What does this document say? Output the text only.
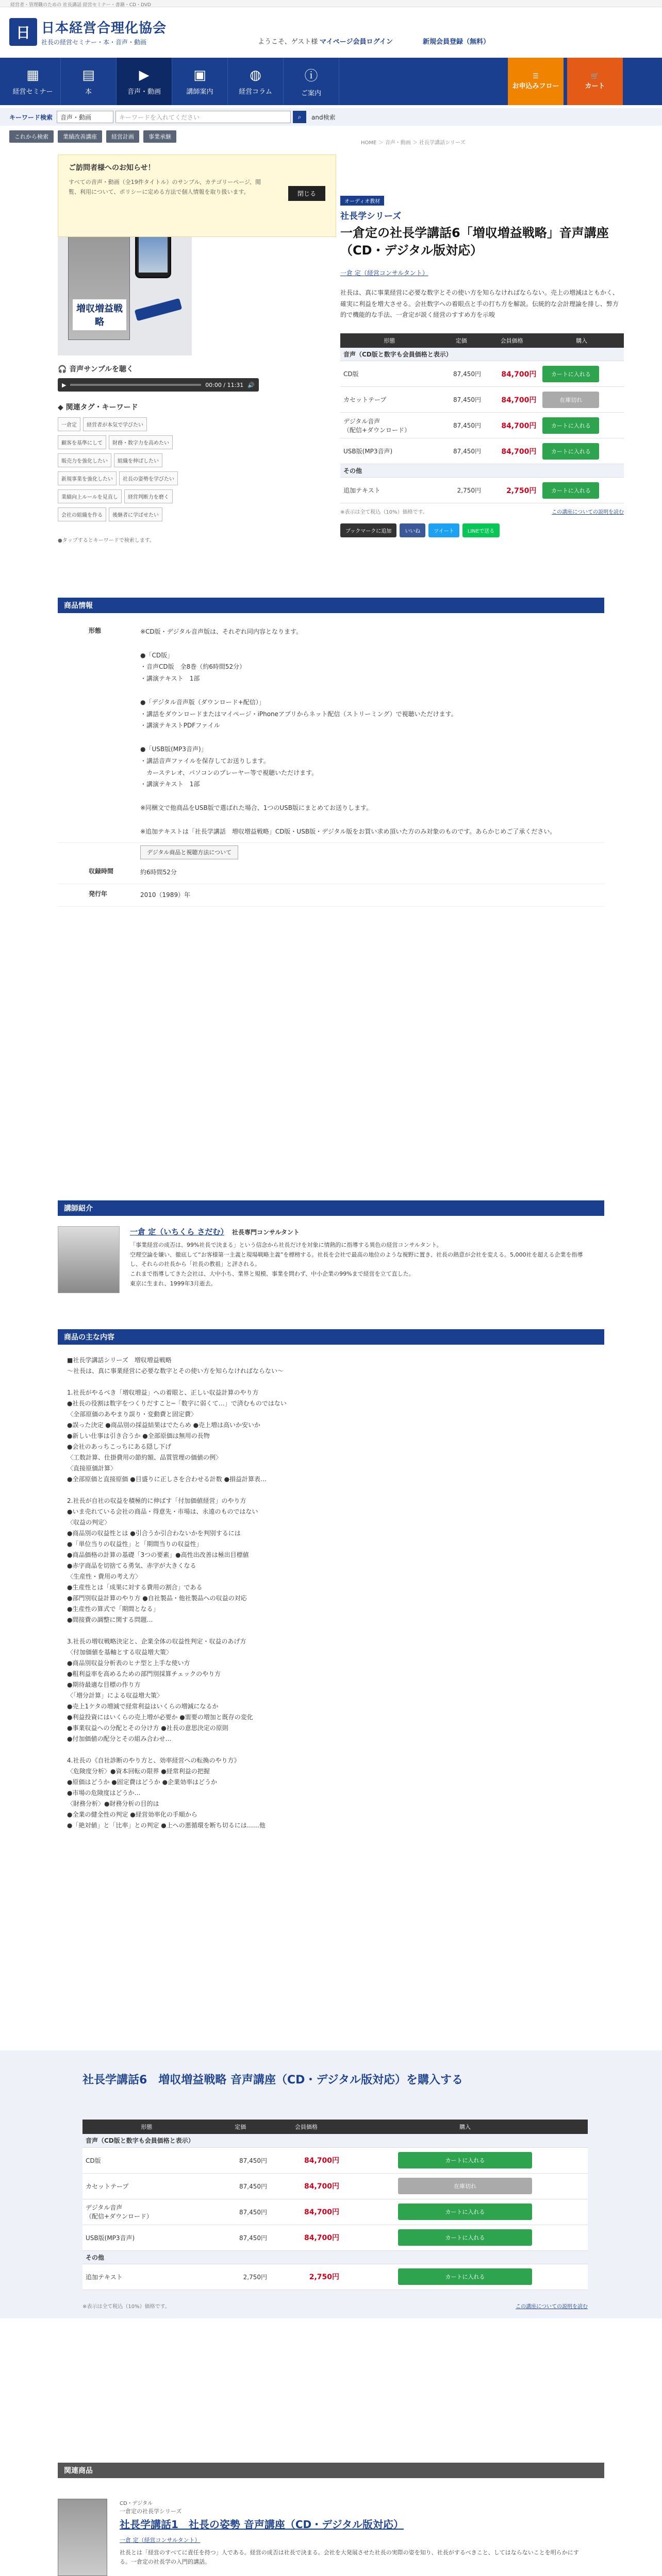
経営者・管理職のための 社長講話 経営セミナー・書籍・CD・DVD
日 日本経営合理化協会
社長の経営セミナー・本・音声・動画	ようこそ、ゲスト様 マイページ会員ログイン	新規会員登録（無料）
▦
経営セミナー
▤
本
▶
音声・動画
▣
講師案内
◍
経営コラム
ⓘ
ご案内
☰
お申込みフロー
🛒
カート
キーワード検索	音声・動画	キーワードを入れてください	⌕ and検索
これから検索	業績改善講座	経営計画	事業承継
HOME ＞ 音声・動画 ＞ 社長学講話シリーズ
増収増益戦略
ご訪問者様へのお知らせ！

すべての音声・動画（全19件タイトル）のサンプル、カテゴリーページ、閲覧、利用について、ポリシーに定める方法で個人情報を取り扱います。	閉じる
🎧 音声サンプルを聴く
▶	00:00 / 11:31 🔊
◆ 関連タグ・キーワード
一倉定 経営者が本気で学びたい 顧客を基準にして 財務・数字力を高めたい 販売力を強化したい 組織を伸ばしたい 新規事業を強化したい 社長の姿勢を学びたい 業績向上ルールを見直し 経営判断力を磨く 会社の組織を作る 後継者に学ばせたい
●タップするとキーワードで検索します。
オーディオ教材
社長学シリーズ
一倉定の社長学講話6「増収増益戦略」音声講座（CD・デジタル版対応）
一倉 定（経営コンサルタント）
社長は、真に事業経営に必要な数字とその使い方を知らなければならない。売上の増減はともかく、確実に利益を増大させる。会社数字への着眼点と手の打ち方を解説。伝統的な会計理論を排し、弊方的で機能的な手法、一倉定が説く経営のすすめ方を示唆
形態	定価	会員価格	購入
音声（CD版と数字も会員価格と表示）			
CD版	87,450円	84,700円	カートに入れる
カセットテープ	87,450円	84,700円	在庫切れ
デジタル音声
（配信+ダウンロード）	87,450円	84,700円	カートに入れる
USB版(MP3音声)	87,450円	84,700円	カートに入れる
その他			
追加テキスト	2,750円	2,750円	カートに入れる
※表示は全て税込（10%）価格です。	この講座についての説明を読む
ブックマークに追加	いいね	ツイート	LINEで送る
商品情報
形態	※CD版・デジタル音声版は、それぞれ同内容となります。

●「CD版」
・音声CD版　全8巻（約6時間52分）
・講演テキスト　1部

●「デジタル音声版（ダウンロード+配信）」
・講話をダウンロードまたはマイページ・iPhoneアプリからネット配信（ストリーミング）で視聴いただけます。
・講演テキストPDFファイル

●「USB版(MP3音声)」
・講話音声ファイルを保存してお送りします。
　カーステレオ、パソコンのプレーヤー等で視聴いただけます。
・講演テキスト　1部

※同梱文で他商品をUSB版で選ばれた場合、1つのUSB版にまとめてお送りします。

※追加テキストは「社長学講話　増収増益戦略」CD版・USB版・デジタル版をお買い求め頂いた方のみ対象のものです。あらかじめご了承ください。
デジタル商品と視聴方法について
収録時間	約6時間52分
発行年	2010（1989）年
講師紹介
一倉 定（いちくら さだむ）　 社長専門コンサルタント
「事業経営の成否は、99%社長で決まる」という信念から社長だけを対象に情熱的に指導する異色の経営コンサルタント。
空理空論を嫌い、徹底して“お客様第一主義と現場戦略主義”を標榜する。社長を会社で最高の地位のような視野に置き、社長の熱意が会社を変える。5,000社を超える企業を指導し、それらの社長から「社長の教祖」と評される。
これまで指導してきた会社は、大中小ち、業界と規模、事業を問わず、中小企業の99%まで経営を立て直した。
東京に生まれ、1999年3月逝去。
商品の主な内容
■社長学講話シリーズ　増収増益戦略
～社長は、真に事業経営に必要な数字とその使い方を知らなければならない～

1.社長がやるべき「増収増益」への着眼と、正しい収益計算のやり方
●社長の役割は数字をつくりだすこと─「数字に弱くて…」で済むものではない
〈全部原価のあやまり誤り・変動費と固定費〉
●誤った決定 ●商品別の採益結果はでたらめ ●売上増は高いか安いか
●新しい仕事は引き合うか ●全部原価は無用の長物
●会社のあっちこっちにある隠し下げ
〈工数計算、仕掛費用の節約額、品質管理の価値の例〉
〈直接原価計算〉
●全部原価と直接原価 ●目盛りに正しさを合わせる計数 ●損益計算表…

2.社長が自社の収益を積極的に伸ばす「付加価値経営」のやり方
●いま売れている会社の商品・得意先・市場は、永遠のものではない
〈収益の判定〉
●商品別の収益性とは ●引合うか引合わないかを判別するには
●「単位当りの収益性」と「期間当りの収益性」
●商品価格の計算の基礎「3つの要素」●高性出改善は極出目標値
●赤字商品を切捨てる勇気、赤字が大きくなる
〈生産性・費用の考え方〉
●生産性とは「成果に対する費用の割合」である
●部門別収益計算のやり方 ●自社製品・他社製品への収益の対応
●生産性の算式で「期間となる」
●間接費の調整に関する問題…

3.社長の増収戦略決定と、企業全体の収益性判定・収益のあげ方
〈付加価値を基軸とする収益増大策〉
●商品別収益分析表のヒナ型と上手な使い方
●粗利益率を高めるための部門別採算チェックのやり方
●期待最適な目標の作り方
〈「増分計算」による収益増大策〉
●売上1ケタの増減で経常利益はいくらの増減になるか
●利益投資にはいくらの売上増が必要か ●需要の増加と既存の変化
●事業収益への分配とその分け方 ●社長の意思決定の原則
●付加価値の配分とその組み合わせ…

4.社長の《自社診断のやり方と、効率経営への転換のやり方》
〈危険度分析〉●資本回転の限界 ●経常利益の把握
●原価はどうか ●固定費はどうか ●企業効率はどうか
●市場の危険度はどうか…
〈財務分析〉●財務分析の目的は
●全業の健全性の判定 ●経営効率化の手順から
●「絶対値」と「比率」との判定 ●上への悪循環を断ち切るには……他
社長学講話6　増収増益戦略 音声講座（CD・デジタル版対応）を購入する
形態	定価	会員価格	購入
音声（CD版と数字も会員価格と表示）			
CD版	87,450円	84,700円	カートに入れる
カセットテープ	87,450円	84,700円	在庫切れ
デジタル音声
（配信+ダウンロード）	87,450円	84,700円	カートに入れる
USB版(MP3音声)	87,450円	84,700円	カートに入れる
その他			
追加テキスト	2,750円	2,750円	カートに入れる
※表示は全て税込（10%）価格です。	この講座についての説明を読む
関連商品
CD・デジタル
一倉定の社長学シリーズ
社長学講話1　社長の姿勢 音声講座（CD・デジタル版対応）
一倉 定（経営コンサルタント）
社長とは「経営のすべてに責任を持つ」人である。経営の成否は社長で決まる。会社を大発展させた社長の実際の姿を知り、社長がするべきこと、してはならないことを明らかにする。一倉定の社長学の入門的講話。
